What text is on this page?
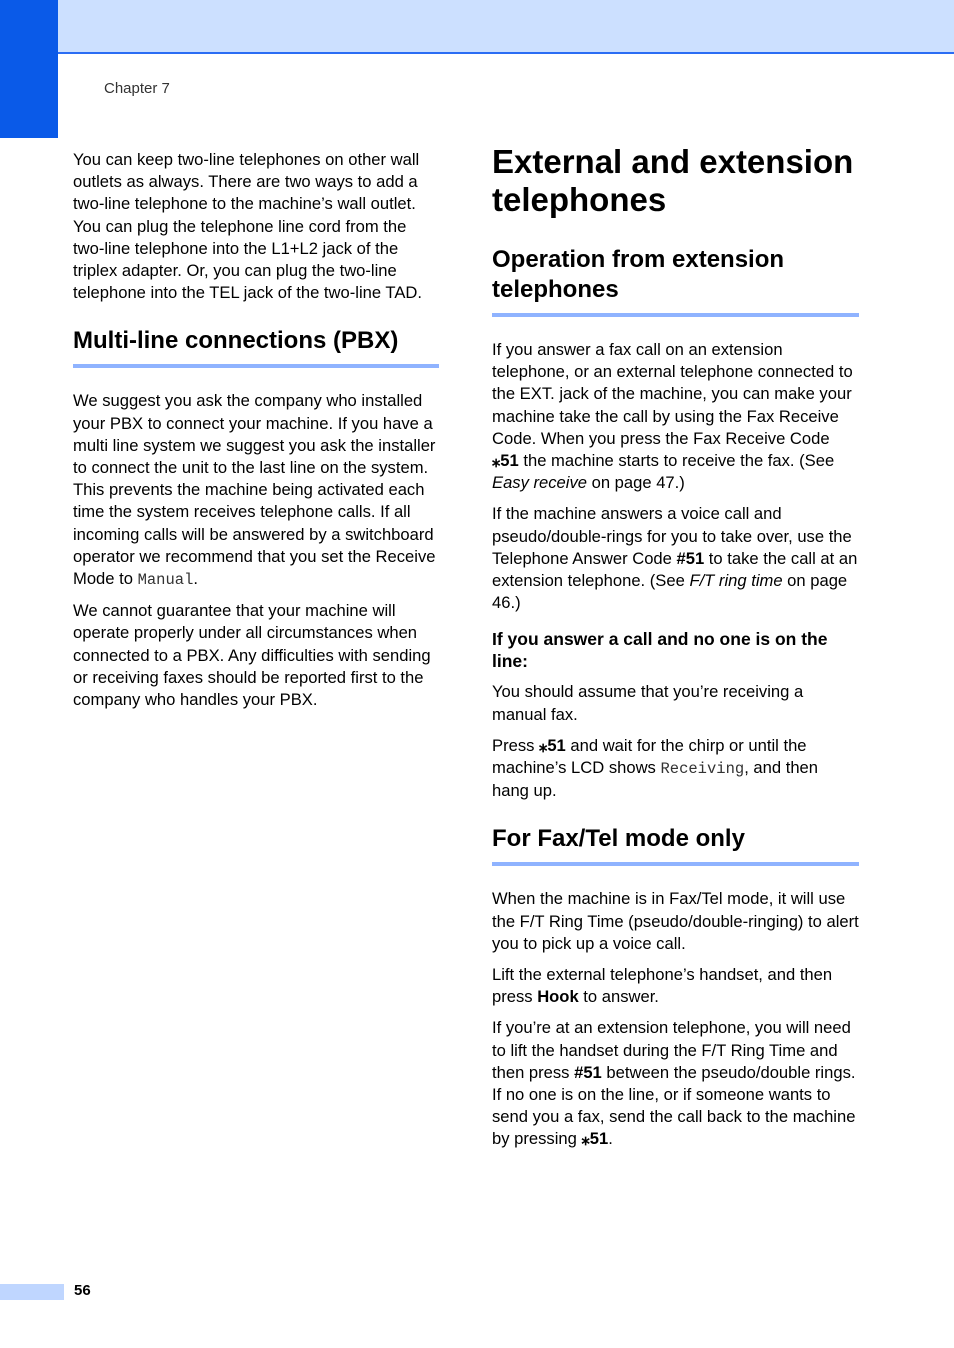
Chapter 7

You can keep two-line telephones on other wall outlets as always. There are two ways to add a two-line telephone to the machine’s wall outlet. You can plug the telephone line cord from the two-line telephone into the L1+L2 jack of the triplex adapter. Or, you can plug the two-line telephone into the TEL jack of the two-line TAD.

Multi-line connections (PBX)

We suggest you ask the company who installed your PBX to connect your machine. If you have a multi line system we suggest you ask the installer to connect the unit to the last line on the system. This prevents the machine being activated each time the system receives telephone calls. If all incoming calls will be answered by a switchboard operator we recommend that you set the Receive Mode to Manual.

We cannot guarantee that your machine will operate properly under all circumstances when connected to a PBX. Any difficulties with sending or receiving faxes should be reported first to the company who handles your PBX.

External and extension telephones
Operation from extension telephones

If you answer a fax call on an extension telephone, or an external telephone connected to the EXT. jack of the machine, you can make your machine take the call by using the Fax Receive Code. When you press the Fax Receive Code ⁎51 the machine starts to receive the fax. (See Easy receive on page 47.)

If the machine answers a voice call and pseudo/double-rings for you to take over, use the Telephone Answer Code #51 to take the call at an extension telephone. (See F/T ring time on page 46.)

If you answer a call and no one is on the line:

You should assume that you’re receiving a manual fax.

Press ⁎51 and wait for the chirp or until the machine’s LCD shows Receiving, and then hang up.

For Fax/Tel mode only

When the machine is in Fax/Tel mode, it will use the F/T Ring Time (pseudo/double-ringing) to alert you to pick up a voice call.

Lift the external telephone’s handset, and then press Hook to answer.

If you’re at an extension telephone, you will need to lift the handset during the F/T Ring Time and then press #51 between the pseudo/double rings. If no one is on the line, or if someone wants to send you a fax, send the call back to the machine by pressing ⁎51.

56
